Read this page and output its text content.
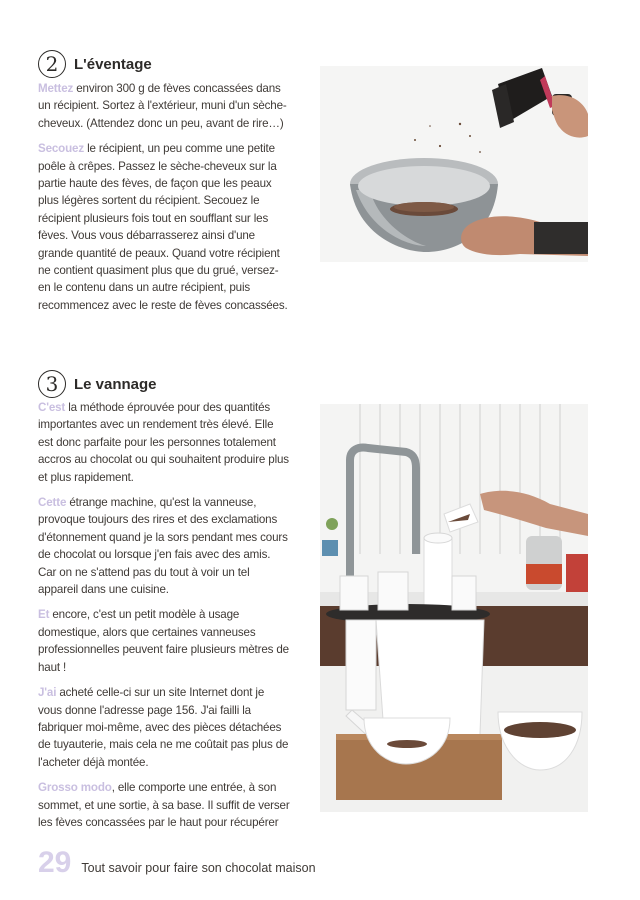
2	L'éventage

Mettez environ 300 g de fèves concassées dans un récipient. Sortez à l'extérieur, muni d'un sèche-cheveux. (Attendez donc un peu, avant de rire…)

Secouez le récipient, un peu comme une petite poêle à crêpes. Passez le sèche-cheveux sur la partie haute des fèves, de façon que les peaux plus légères sortent du récipient. Secouez le récipient plusieurs fois tout en soufflant sur les fèves. Vous vous débarrasserez ainsi d'une grande quantité de peaux. Quand votre récipient ne contient quasiment plus que du grué, versez-en le contenu dans un autre récipient, puis recommencez avec le reste de fèves concassées.

3	Le vannage

C'est la méthode éprouvée pour des quantités importantes avec un rendement très élevé. Elle est donc parfaite pour les personnes totalement accros au chocolat ou qui souhaitent produire plus et plus rapidement.

Cette étrange machine, qu'est la vanneuse, provoque toujours des rires et des exclamations d'étonnement quand je la sors pendant mes cours de chocolat ou lorsque j'en fais avec des amis. Car on ne s'attend pas du tout à voir un tel appareil dans une cuisine.

Et encore, c'est un petit modèle à usage domestique, alors que certaines vanneuses professionnelles peuvent faire plusieurs mètres de haut !

J'ai acheté celle-ci sur un site Internet dont je vous donne l'adresse page 156. J'ai failli la fabriquer moi-même, avec des pièces détachées de tuyauterie, mais cela ne me coûtait pas plus de l'acheter déjà montée.

Grosso modo, elle comporte une entrée, à son sommet, et une sortie, à sa base. Il suffit de verser les fèves concassées par le haut pour récupérer

29 Tout savoir pour faire son chocolat maison
